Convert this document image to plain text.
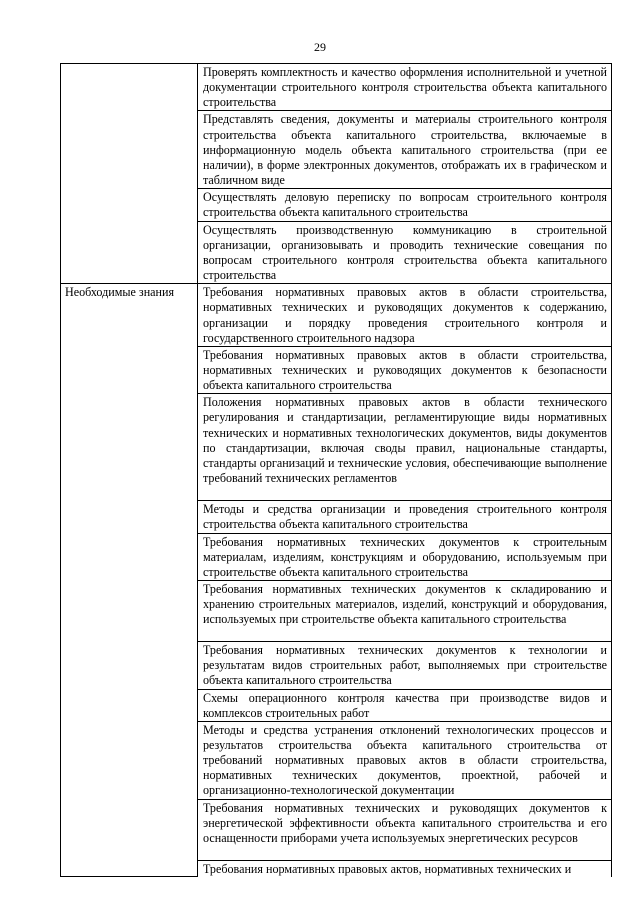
29
	Проверять комплектность и качество оформления исполнительной и учетной документации строительного контроля строительства объекта капитального строительства
	Представлять сведения, документы и материалы строительного контроля строительства объекта капитального строительства, включаемые в информационную модель объекта капитального строительства (при ее наличии), в форме электронных документов, отображать их в графическом и табличном виде
	Осуществлять деловую переписку по вопросам строительного контроля строительства объекта капитального строительства
	Осуществлять производственную коммуникацию в строительной организации, организовывать и проводить технические совещания по вопросам строительного контроля строительства объекта капитального строительства
Необходимые знания	Требования нормативных правовых актов в области строительства, нормативных технических и руководящих документов к содержанию, организации и порядку проведения строительного контроля и государственного строительного надзора
	Требования нормативных правовых актов в области строительства, нормативных технических и руководящих документов к безопасности объекта капитального строительства
	Положения нормативных правовых актов в области технического регулирования и стандартизации, регламентирующие виды нормативных технических и нормативных технологических документов, виды документов по стандартизации, включая своды правил, национальные стандарты, стандарты организаций и технические условия, обеспечивающие выполнение требований технических регламентов
	Методы и средства организации и проведения строительного контроля строительства объекта капитального строительства
	Требования нормативных технических документов к строительным материалам, изделиям, конструкциям и оборудованию, используемым при строительстве объекта капитального строительства
	Требования нормативных технических документов к складированию и хранению строительных материалов, изделий, конструкций и оборудования, используемых при строительстве объекта капитального строительства
	Требования нормативных технических документов к технологии и результатам видов строительных работ, выполняемых при строительстве объекта капитального строительства
	Схемы операционного контроля качества при производстве видов и комплексов строительных работ
	Методы и средства устранения отклонений технологических процессов и результатов строительства объекта капитального строительства от требований нормативных правовых актов в области строительства, нормативных технических документов, проектной, рабочей и организационно-технологической документации
	Требования нормативных технических и руководящих документов к энергетической эффективности объекта капитального строительства и его оснащенности приборами учета используемых энергетических ресурсов
	Требования нормативных правовых актов, нормативных технических и
